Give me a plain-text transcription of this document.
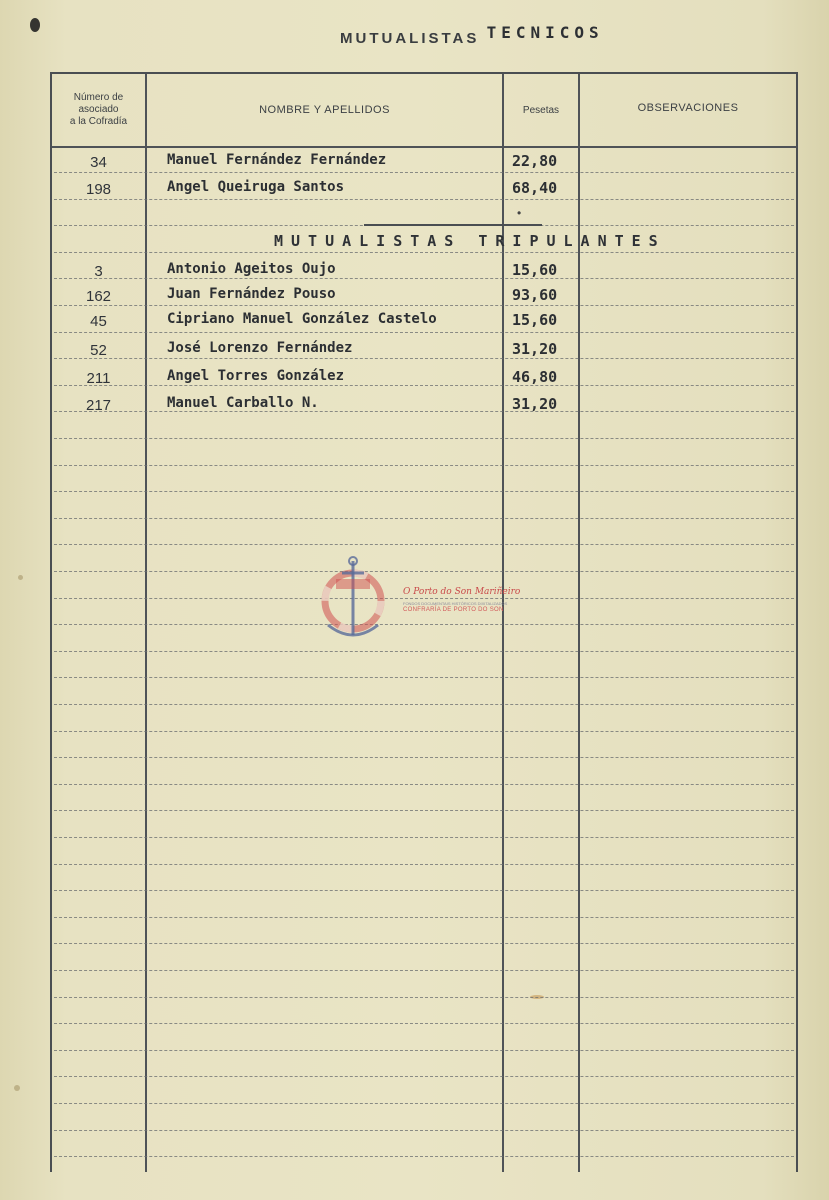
MUTUALISTAS TECNICOS
Número de
asociado
a la Cofradía
NOMBRE Y APELLIDOS	Pesetas	OBSERVACIONES
34	Manuel Fernández Fernández	22,80
198	Angel Queiruga Santos	68,40
•
MUTUALISTAS TRIPULANTES
3	Antonio Ageitos Oujo	15,60
162	Juan Fernández Pouso	93,60
45	Cipriano Manuel González Castelo	15,60
52	José Lorenzo Fernández	31,20
211	Angel Torres González	46,80
217	Manuel Carballo N.	31,20
O Porto do Son Mariñeiro
FONDOS DOCUMENTAIS HISTÓRICOS DIXITALIZADOS
CONFRARÍA DE PORTO DO SON
